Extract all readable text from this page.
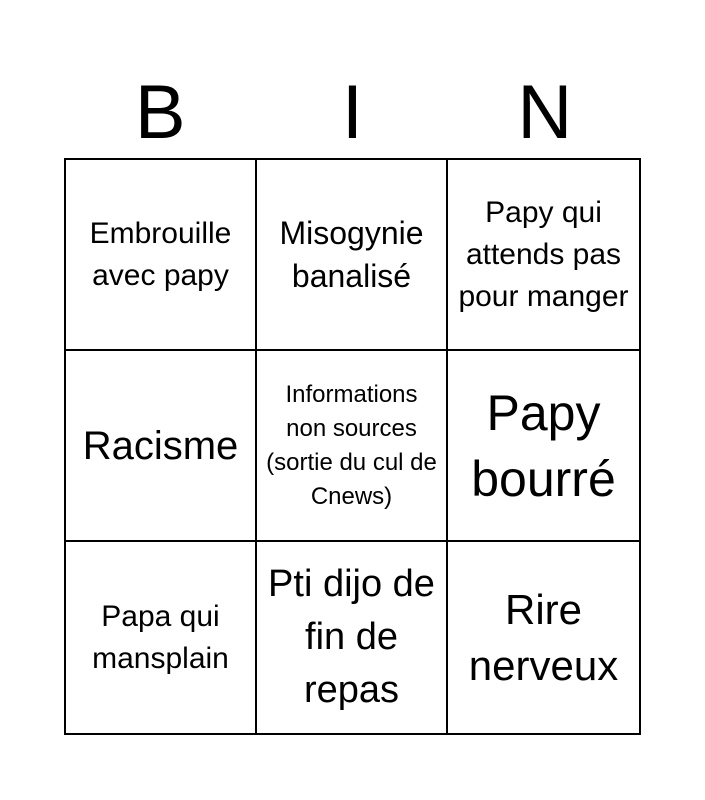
B	I	N
Embrouille avec papy
Misogynie banalisé
Papy qui attends pas pour manger
Racisme
Informations non sources (sortie du cul de Cnews)
Papy bourré
Papa qui mansplain
Pti dijo de fin de repas
Rire nerveux
